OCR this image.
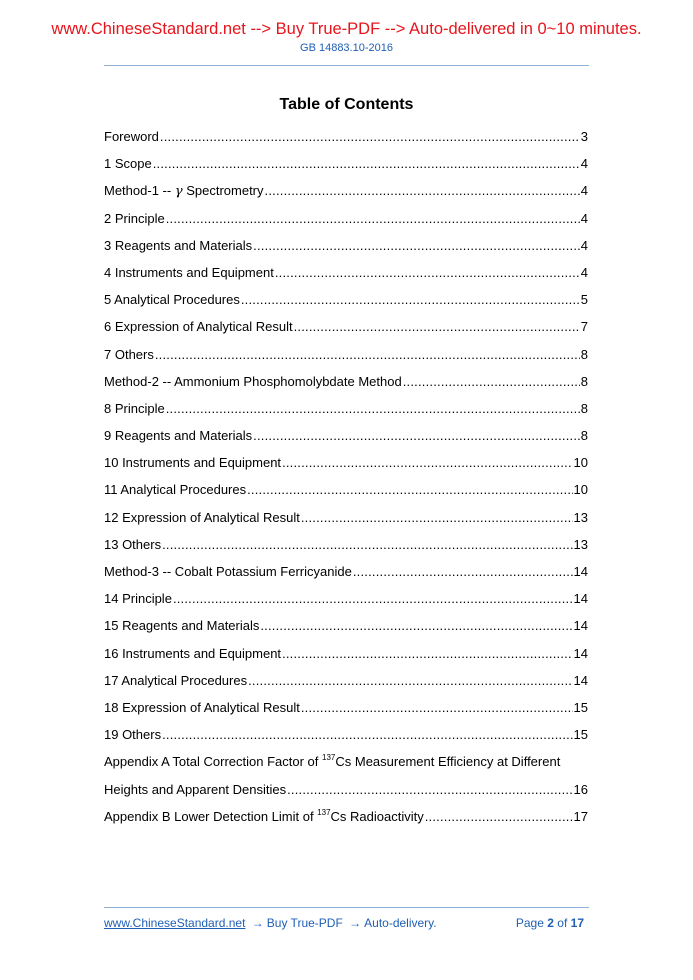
www.ChineseStandard.net --> Buy True-PDF --> Auto-delivered in 0~10 minutes.
GB 14883.10-2016
Table of Contents
Foreword .....	3
1 Scope .....	4
Method-1 -- γ Spectrometry .....	4
2 Principle .....	4
3 Reagents and Materials .....	4
4 Instruments and Equipment .....	4
5 Analytical Procedures .....	5
6 Expression of Analytical Result .....	7
7 Others .....	8
Method-2 -- Ammonium Phosphomolybdate Method .....	8
8 Principle .....	8
9 Reagents and Materials .....	8
10 Instruments and Equipment .....	10
11 Analytical Procedures .....	10
12 Expression of Analytical Result .....	13
13 Others .....	13
Method-3 -- Cobalt Potassium Ferricyanide .....	14
14 Principle .....	14
15 Reagents and Materials .....	14
16 Instruments and Equipment .....	14
17 Analytical Procedures .....	14
18 Expression of Analytical Result .....	15
19 Others .....	15
Appendix A Total Correction Factor of $^{137}$Cs Measurement Efficiency at Different
Heights and Apparent Densities .....	16
Appendix B Lower Detection Limit of $^{137}$Cs Radioactivity .....	17
www.ChineseStandard.net → Buy True-PDF → Auto-delivery.	Page 2 of 17
